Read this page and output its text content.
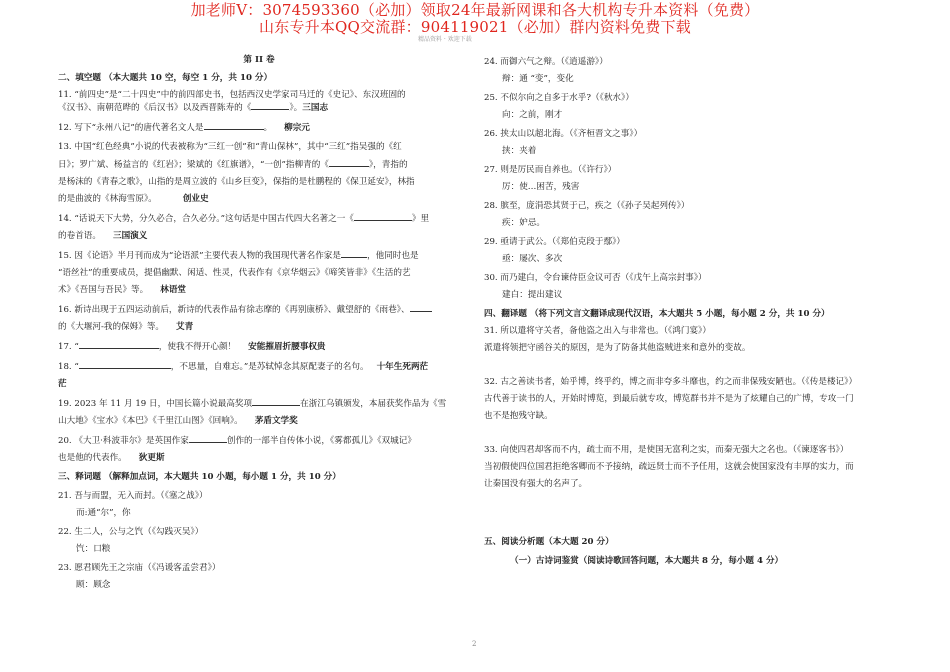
加老师V：3074593360（必加）领取24年最新网课和各大机构专升本资料（免费）
山东专升本QQ交流群：904119021（必加）群内资料免费下载
精品资料 · 欢迎下载

第 II 卷

二、填空题 （本大题共 10 空，每空 1 分，共 10 分）

11. “前四史”是“二十四史”中的前四部史书，包括西汉史学家司马迁的《史记》、东汉班固的

《汉书》、南朝范晔的《后汉书》以及西晋陈寿的《	》。三国志

12. 写下“永州八记”的唐代著名文人是	。 柳宗元

13. 中国“红色经典”小说的代表被称为“三红一创”和“青山保林”，其中“三红”指吴强的《红

日》；罗广斌、杨益言的《红岩》；梁斌的《红旗谱》，“一创”指柳青的《	》，青指的

是杨沫的《青春之歌》，山指的是周立波的《山乡巨变》，保指的是杜鹏程的《保卫延安》，林指

的是曲波的《林海雪原》。	创业史

14. “话说天下大势，分久必合，合久必分。”这句话是中国古代四大名著之一《	》里

的卷首语。 三国演义

15. 因《论语》半月刊而成为“论语派”主要代表人物的我国现代著名作家是	，他同时也是

“语丝社”的重要成员，提倡幽默、闲适、性灵，代表作有《京华烟云》《啼笑皆非》《生活的艺

术》《吾国与吾民》等。 林语堂

16. 新诗出现于五四运动前后，新诗的代表作品有徐志摩的《再别康桥》、戴望舒的《雨巷》、

的《大堰河-我的保姆》等。 艾青

17. “	，使我不得开心颜！ 安能摧眉折腰事权贵

18. “	，不思量，自难忘。”是苏轼悼念其原配妻子的名句。 十年生死两茫

茫

19. 2023 年 11 月 19 日，中国长篇小说最高奖项	在浙江乌镇颁发，本届获奖作品为《雪

山大地》《宝水》《本巴》《千里江山图》《回响》。 茅盾文学奖

20. 《大卫·科波菲尔》是英国作家	创作的一部半自传体小说，《雾都孤儿》《双城记》

也是他的代表作。 狄更斯

三、释词题 （解释加点词，本大题共 10 小题，每小题 1 分，共 10 分）

21. 吾与而盟，无入而封。（《塞之战》）

而:通“尔”，你

22. 生二人，公与之饩（《勾践灭吴》）

饩：口粮

23. 愿君顾先王之宗庙（《冯谖客孟尝君》）

顾：顾念

24. 而御六气之辩。（《逍遥游》）

辩：通 “变”，变化

25. 不似尔向之自多于水乎?（《秋水》）

向：之前，刚才

26. 挟太山以超北海。（《齐桓晋文之事》）

挟：夹着

27. 则是厉民而自养也。（《许行》）

厉：使…困苦，残害

28. 膑至，庞涓恐其贤于己，疾之（《孙子吴起列传》）

疾：妒忌。

29. 亟请于武公。（《郑伯克段于鄢》）

亟：屡次、多次

30. 而乃建白，令台谏侍臣佥议可否（《戊午上高宗封事》）

建白：提出建议

四、翻译题 （将下列文言文翻译成现代汉语，本大题共 5 小题，每小题 2 分，共 10 分）

31. 所以遣将守关者，备他盗之出入与非常也。（《鸿门宴》）

派遣将领把守函谷关的原因，是为了防备其他盗贼进来和意外的变故。

32. 古之善读书者，始乎博，终乎约，博之而非夸多斗靡也，约之而非保残安陋也。（《传是楼记》）

古代善于读书的人，开始时博览，到最后就专攻，博览群书并不是为了炫耀自己的广博，专攻一门

也不是抱残守缺。

33. 向使四君却客而不内，疏士而不用，是使国无富利之实，而秦无强大之名也。（《谏逐客书》）

当初假使四位国君拒绝客卿而不予接纳，疏远贤士而不予任用，这就会使国家没有丰厚的实力，而

让秦国没有强大的名声了。

五、阅读分析题（本大题 20 分）

（一）古诗词鉴赏（阅读诗歌回答问题，本大题共 8 分，每小题 4 分）

2
